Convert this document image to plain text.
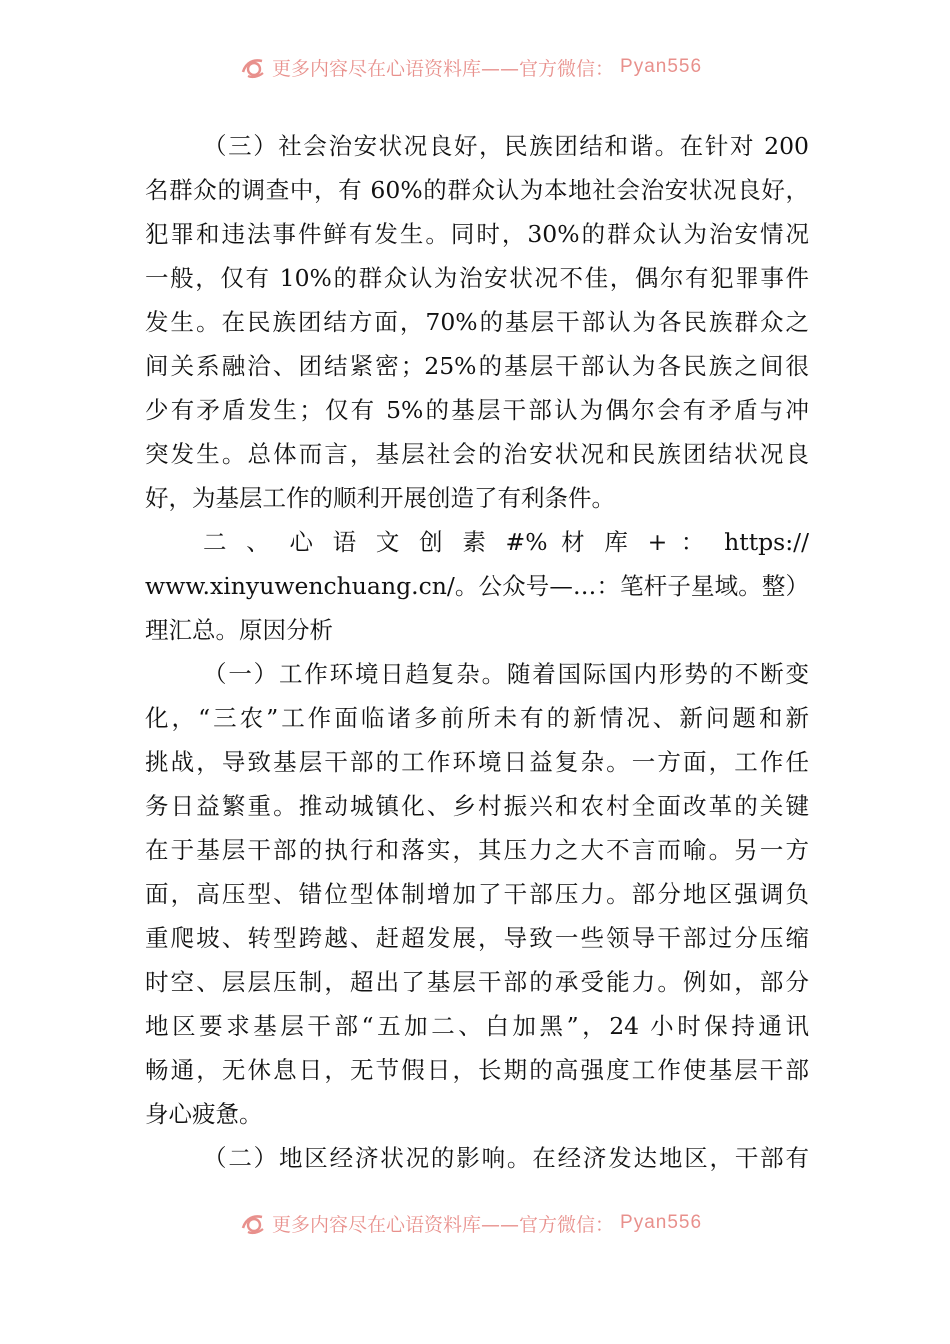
更多内容尽在心语资料库——官方微信： Pyan556
（三）社会治安状况良好，民族团结和谐。在针对 200
名群众的调查中，有 60%的群众认为本地社会治安状况良好，
犯罪和违法事件鲜有发生。同时，30%的群众认为治安情况
一般，仅有 10%的群众认为治安状况不佳，偶尔有犯罪事件
发生。在民族团结方面，70%的基层干部认为各民族群众之
间关系融洽、团结紧密；25%的基层干部认为各民族之间很
少有矛盾发生；仅有 5%的基层干部认为偶尔会有矛盾与冲
突发生。总体而言，基层社会的治安状况和民族团结状况良
好，为基层工作的顺利开展创造了有利条件。
二 、 心 语 文 创 素 #% 材 库 + ： https://
www.xinyuwenchuang.cn/。公众号—…：笔杆子星域。整）
理汇总。原因分析
（一）工作环境日趋复杂。随着国际国内形势的不断变
化，“三农”工作面临诸多前所未有的新情况、新问题和新
挑战，导致基层干部的工作环境日益复杂。一方面，工作任
务日益繁重。推动城镇化、乡村振兴和农村全面改革的关键
在于基层干部的执行和落实，其压力之大不言而喻。另一方
面，高压型、错位型体制增加了干部压力。部分地区强调负
重爬坡、转型跨越、赶超发展，导致一些领导干部过分压缩
时空、层层压制，超出了基层干部的承受能力。例如，部分
地区要求基层干部“五加二、白加黑”，24 小时保持通讯
畅通，无休息日，无节假日，长期的高强度工作使基层干部
身心疲惫。
（二）地区经济状况的影响。在经济发达地区，干部有
更多内容尽在心语资料库——官方微信： Pyan556
